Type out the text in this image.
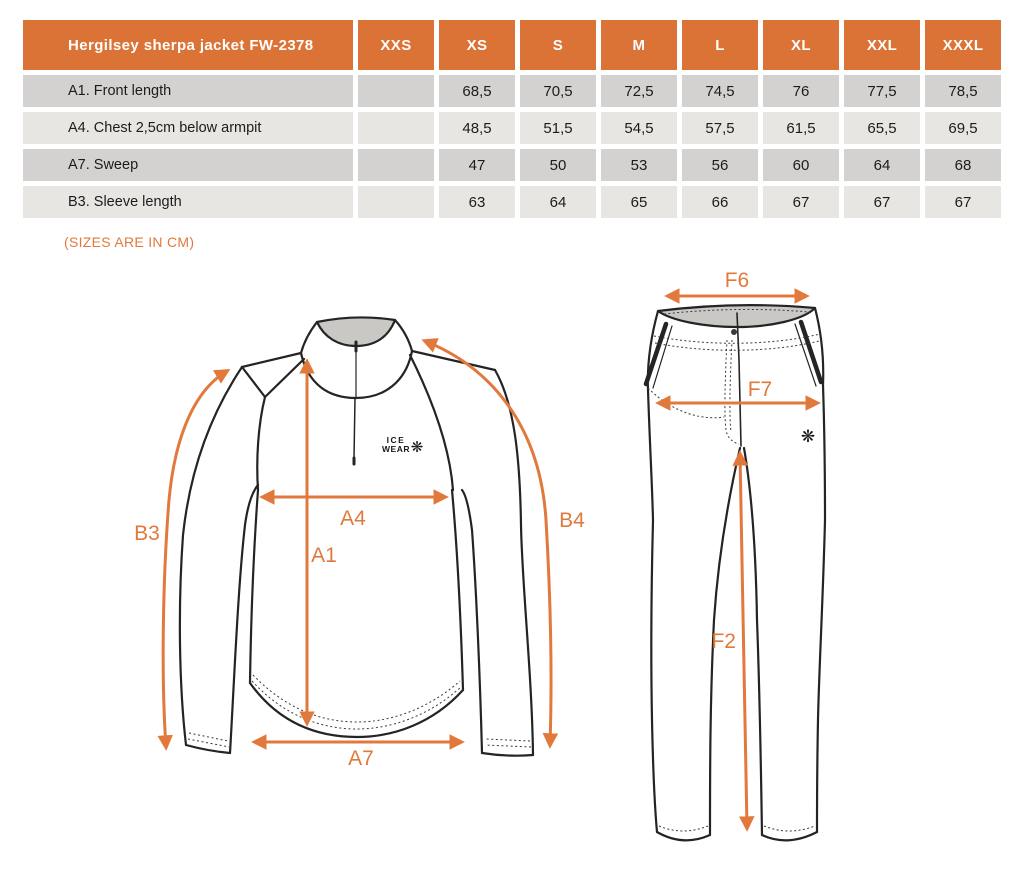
Hergilsey sherpa jacket FW-2378	XXS	XS	S	M	L	XL	XXL	XXXL
A1. Front length		68,5	70,5	72,5	74,5	76	77,5	78,5
A4. Chest 2,5cm below armpit		48,5	51,5	54,5	57,5	61,5	65,5	69,5
A7. Sweep		47	50	53	56	60	64	68
B3. Sleeve length		63	64	65	66	67	67	67
(SIZES ARE IN CM)
ICE
WEAR ❋
A1
A4
A7
B3
B4
❋
F6
F7
F2
